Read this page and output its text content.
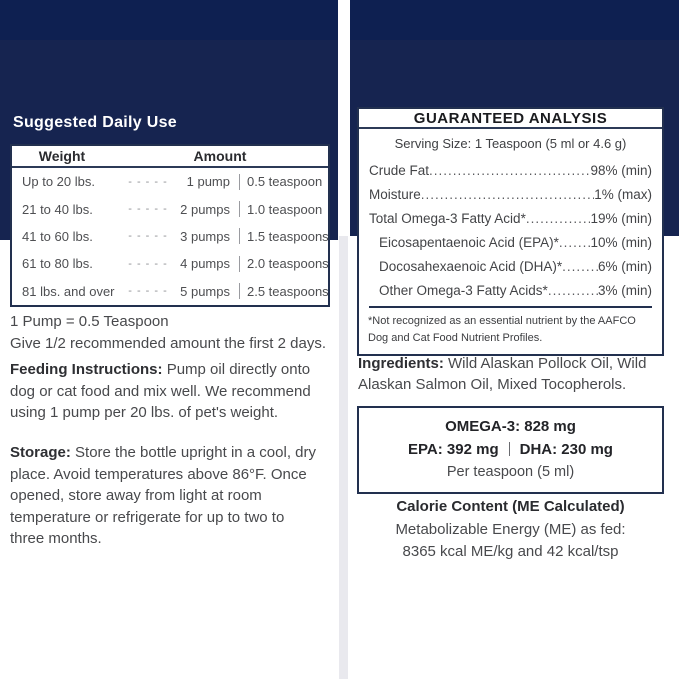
Suggested Daily Use
Weight	Amount
Up to 20 lbs.	- - - - -	1 pump 0.5 teaspoon
21 to 40 lbs.	- - - - - 2 pumps 1.0 teaspoon
41 to 60 lbs.	- - - - - 3 pumps 1.5 teaspoons
61 to 80 lbs.	- - - - - 4 pumps 2.0 teaspoons
81 lbs. and over	- - - - - 5 pumps 2.5 teaspoons
1 Pump = 0.5 Teaspoon
Give 1/2 recommended amount the first 2 days.
Feeding Instructions: Pump oil directly onto
dog or cat food and mix well. We recommend
using 1 pump per 20 lbs. of pet's weight.
Storage: Store the bottle upright in a cool, dry
place. Avoid temperatures above 86°F. Once
opened, store away from light at room
temperature or refrigerate for up to two to
three months.
GUARANTEED ANALYSIS
Serving Size: 1 Teaspoon (5 ml or 4.6 g)
Crude Fat .....	98% (min)
Moisture .....	1% (max)
Total Omega-3 Fatty Acid* .....	19% (min)
Eicosapentaenoic Acid (EPA)* ..... 10% (min)
Docosahexaenoic Acid (DHA)* .....	6% (min)
Other Omega-3 Fatty Acids* .....	3% (min)
*Not recognized as an essential nutrient by the AAFCO
Dog and Cat Food Nutrient Profiles.
Ingredients: Wild Alaskan Pollock Oil, Wild
Alaskan Salmon Oil, Mixed Tocopherols.
OMEGA-3: 828 mg
EPA: 392 mg DHA: 230 mg
Per teaspoon (5 ml)
Calorie Content (ME Calculated)
Metabolizable Energy (ME) as fed:
8365 kcal ME/kg and 42 kcal/tsp
